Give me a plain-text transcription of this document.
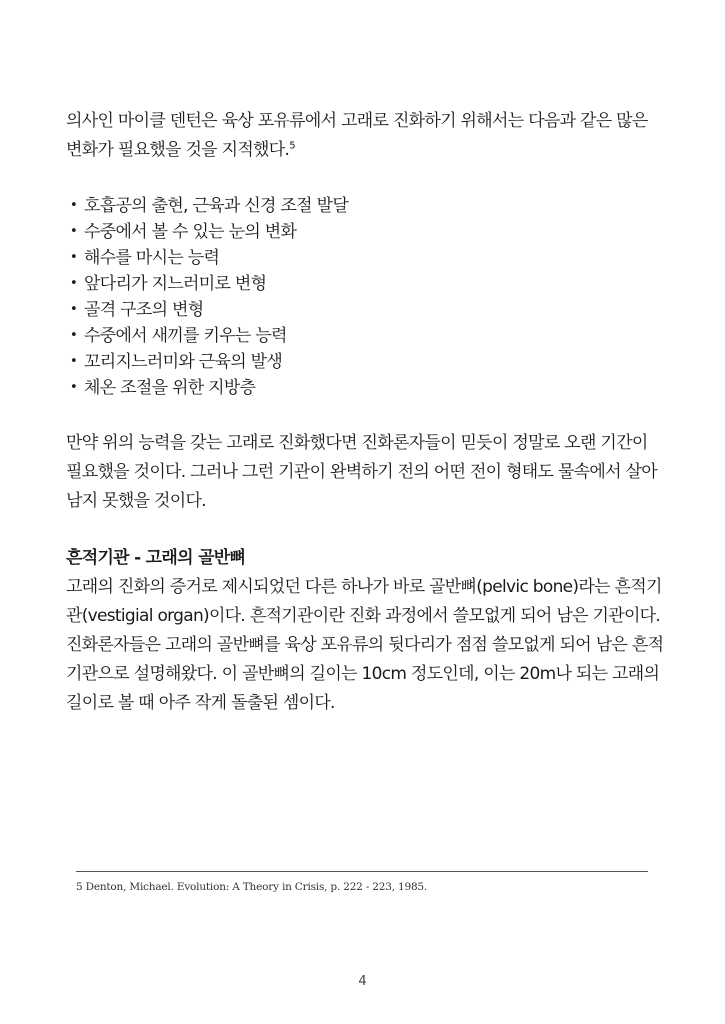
의사인 마이클 덴턴은 육상 포유류에서 고래로 진화하기 위해서는 다음과 같은 많은 변화가 필요했을 것을 지적했다.$^5$

• 호흡공의 출현, 근육과 신경 조절 발달
• 수중에서 볼 수 있는 눈의 변화
• 해수를 마시는 능력
• 앞다리가 지느러미로 변형
• 골격 구조의 변형
• 수중에서 새끼를 키우는 능력
• 꼬리지느러미와 근육의 발생
• 체온 조절을 위한 지방층

만약 위의 능력을 갖는 고래로 진화했다면 진화론자들이 믿듯이 정말로 오랜 기간이 필요했을 것이다. 그러나 그런 기관이 완벽하기 전의 어떤 전이 형태도 물속에서 살아남지 못했을 것이다.

흔적기관 - 고래의 골반뼈

고래의 진화의 증거로 제시되었던 다른 하나가 바로 골반뼈(pelvic bone)라는 흔적기관(vestigial organ)이다. 흔적기관이란 진화 과정에서 쓸모없게 되어 남은 기관이다. 진화론자들은 고래의 골반뼈를 육상 포유류의 뒷다리가 점점 쓸모없게 되어 남은 흔적기관으로 설명해왔다. 이 골반뼈의 길이는 10cm 정도인데, 이는 20m나 되는 고래의 길이로 볼 때 아주 작게 돌출된 셈이다.

5 Denton, Michael. Evolution: A Theory in Crisis, p. 222 - 223, 1985.
4
